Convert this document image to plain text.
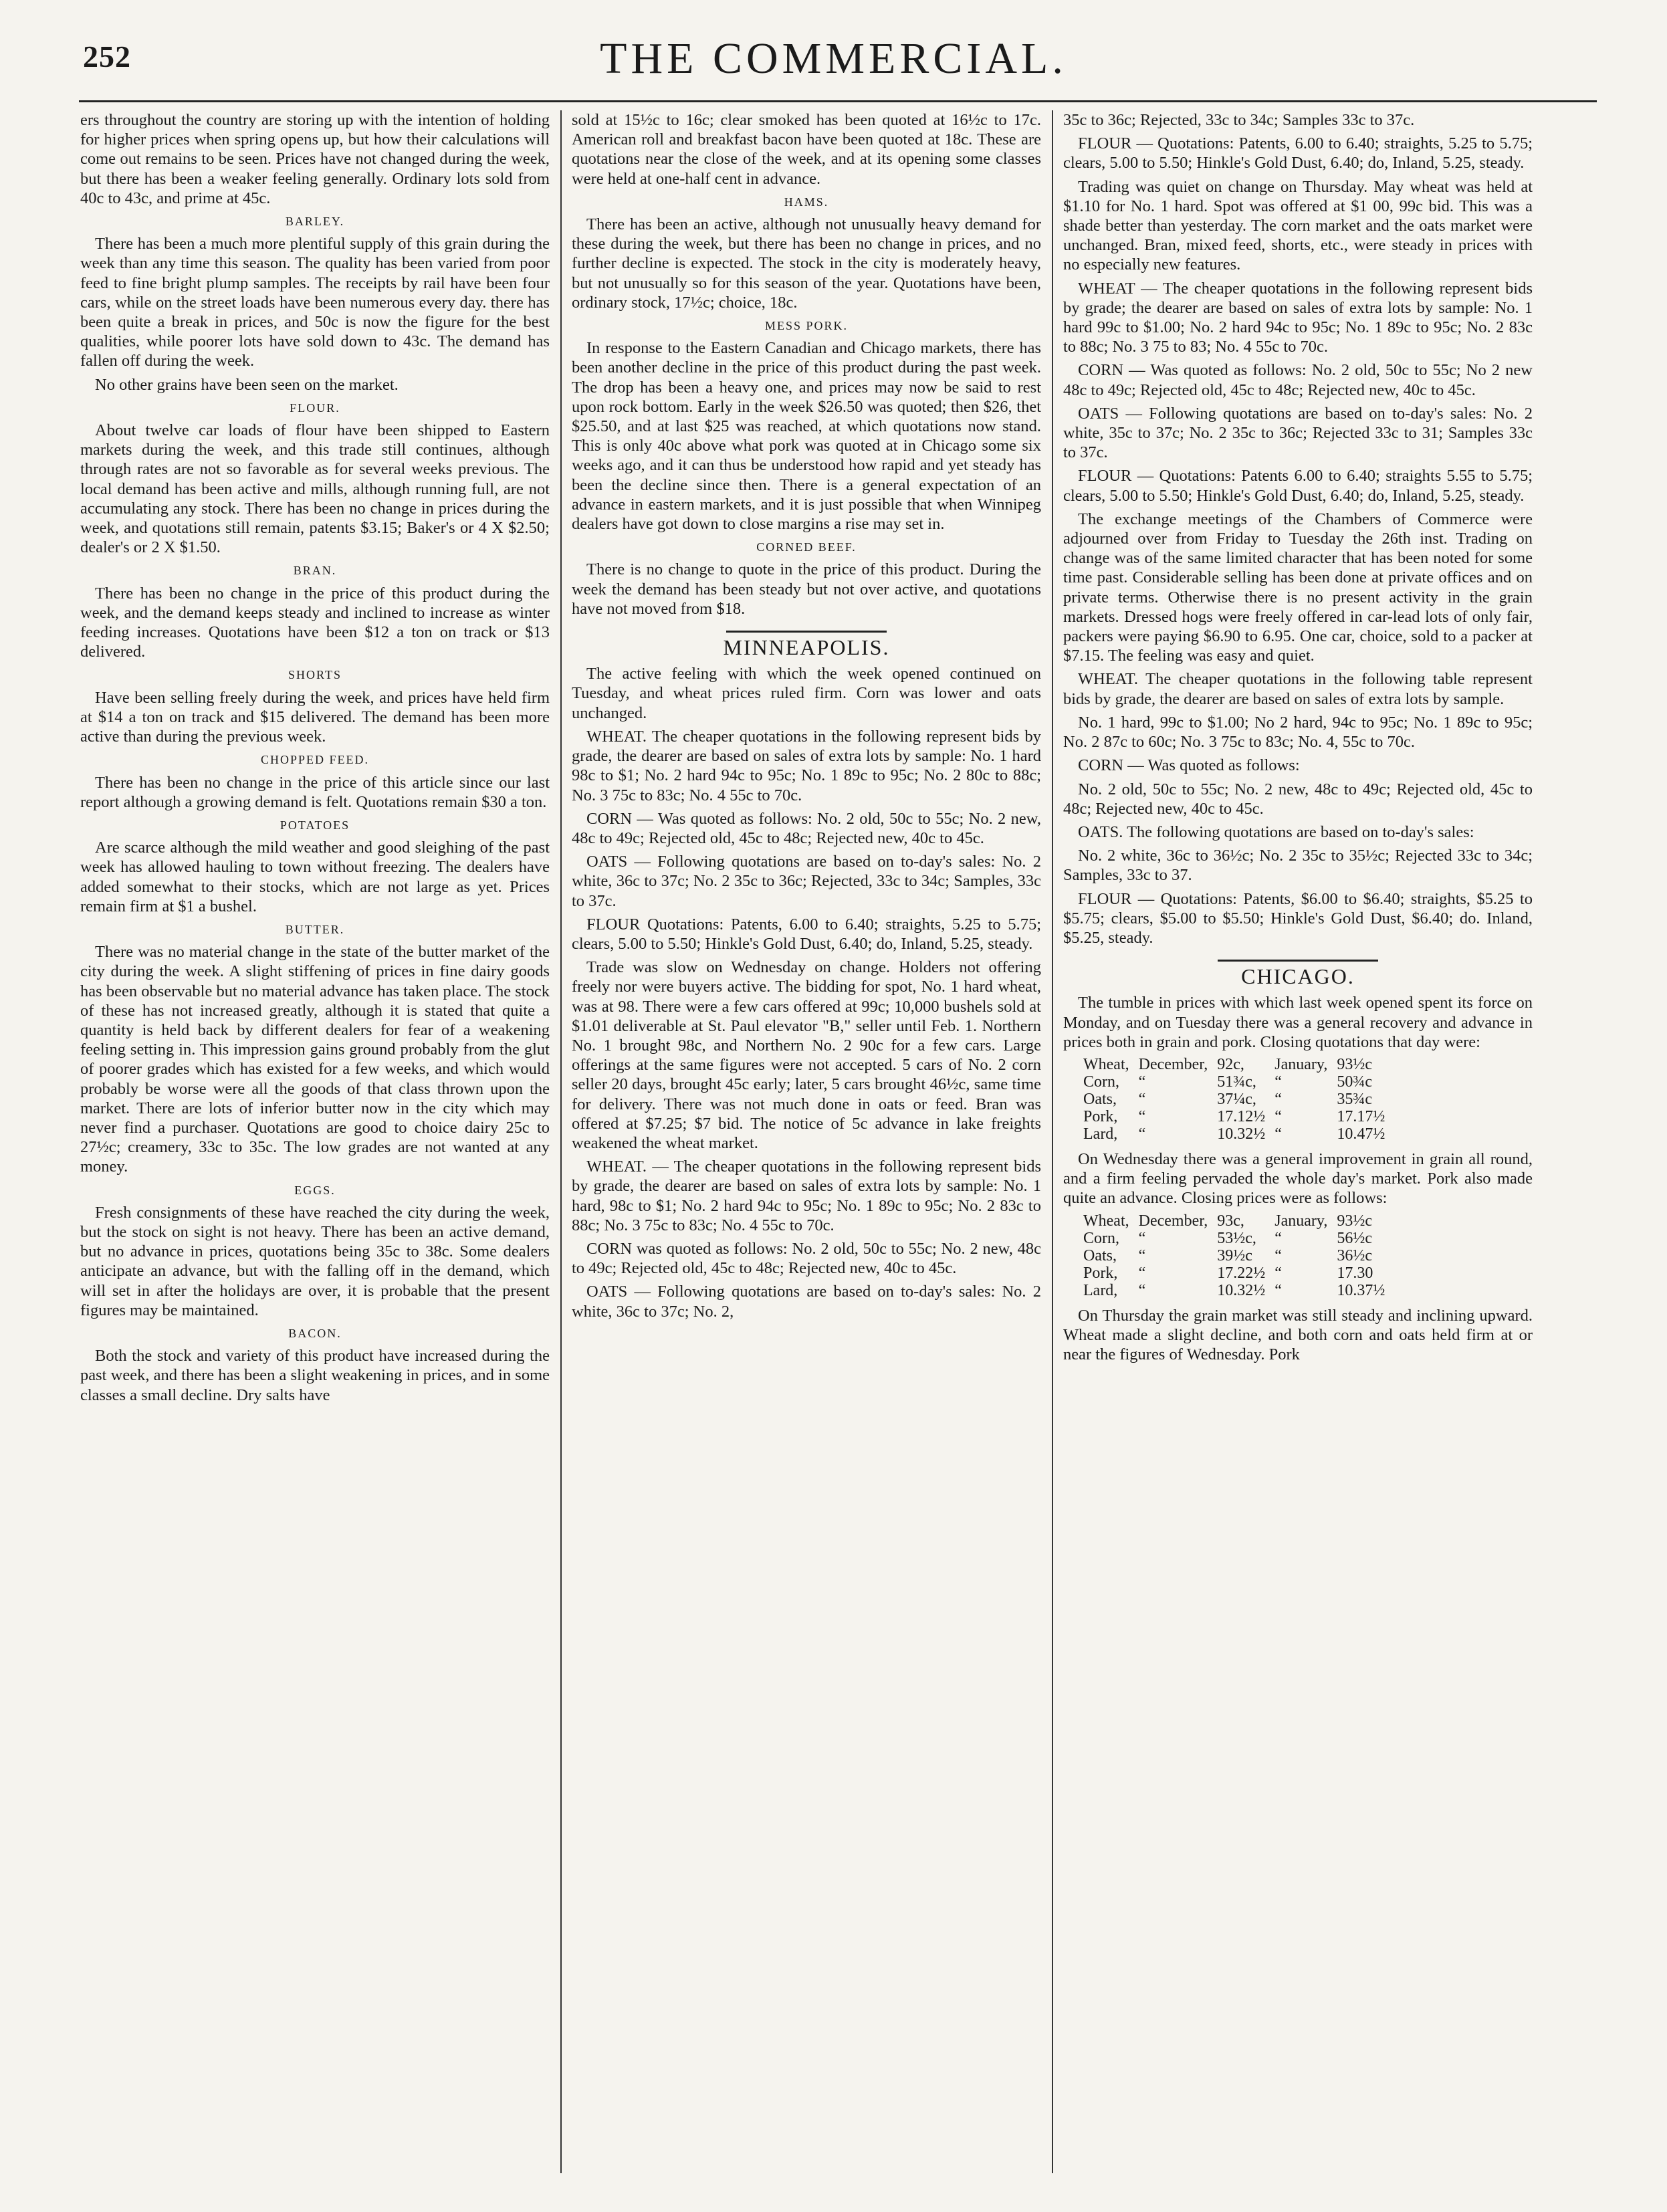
252	THE COMMERCIAL.

ers throughout the country are storing up with the intention of holding for higher prices when spring opens up, but how their calculations will come out remains to be seen. Prices have not changed during the week, but there has been a weaker feeling generally. Ordinary lots sold from 40c to 43c, and prime at 45c.

BARLEY.

There has been a much more plentiful supply of this grain during the week than any time this season. The quality has been varied from poor feed to fine bright plump samples. The receipts by rail have been four cars, while on the street loads have been numerous every day. there has been quite a break in prices, and 50c is now the figure for the best qualities, while poorer lots have sold down to 43c. The demand has fallen off during the week.

No other grains have been seen on the market.

FLOUR.

About twelve car loads of flour have been shipped to Eastern markets during the week, and this trade still continues, although through rates are not so favorable as for several weeks previous. The local demand has been active and mills, although running full, are not accumulating any stock. There has been no change in prices during the week, and quotations still remain, patents $3.15; Baker's or 4 X $2.50; dealer's or 2 X $1.50.

BRAN.

There has been no change in the price of this product during the week, and the demand keeps steady and inclined to increase as winter feeding increases. Quotations have been $12 a ton on track or $13 delivered.

SHORTS

Have been selling freely during the week, and prices have held firm at $14 a ton on track and $15 delivered. The demand has been more active than during the previous week.

CHOPPED FEED.

There has been no change in the price of this article since our last report although a growing demand is felt. Quotations remain $30 a ton.

POTATOES

Are scarce although the mild weather and good sleighing of the past week has allowed hauling to town without freezing. The dealers have added somewhat to their stocks, which are not large as yet. Prices remain firm at $1 a bushel.

BUTTER.

There was no material change in the state of the butter market of the city during the week. A slight stiffening of prices in fine dairy goods has been observable but no material advance has taken place. The stock of these has not increased greatly, although it is stated that quite a quantity is held back by different dealers for fear of a weakening feeling setting in. This impression gains ground probably from the glut of poorer grades which has existed for a few weeks, and which would probably be worse were all the goods of that class thrown upon the market. There are lots of inferior butter now in the city which may never find a purchaser. Quotations are good to choice dairy 25c to 27½c; creamery, 33c to 35c. The low grades are not wanted at any money.

EGGS.

Fresh consignments of these have reached the city during the week, but the stock on sight is not heavy. There has been an active demand, but no advance in prices, quotations being 35c to 38c. Some dealers anticipate an advance, but with the falling off in the demand, which will set in after the holidays are over, it is probable that the present figures may be maintained.

BACON.

Both the stock and variety of this product have increased during the past week, and there has been a slight weakening in prices, and in some classes a small decline. Dry salts have

sold at 15½c to 16c; clear smoked has been quoted at 16½c to 17c. American roll and breakfast bacon have been quoted at 18c. These are quotations near the close of the week, and at its opening some classes were held at one-half cent in advance.

HAMS.

There has been an active, although not unusually heavy demand for these during the week, but there has been no change in prices, and no further decline is expected. The stock in the city is moderately heavy, but not unusually so for this season of the year. Quotations have been, ordinary stock, 17½c; choice, 18c.

MESS PORK.

In response to the Eastern Canadian and Chicago markets, there has been another decline in the price of this product during the past week. The drop has been a heavy one, and prices may now be said to rest upon rock bottom. Early in the week $26.50 was quoted; then $26, thet $25.50, and at last $25 was reached, at which quotations now stand. This is only 40c above what pork was quoted at in Chicago some six weeks ago, and it can thus be understood how rapid and yet steady has been the decline since then. There is a general expectation of an advance in eastern markets, and it is just possible that when Winnipeg dealers have got down to close margins a rise may set in.

CORNED BEEF.

There is no change to quote in the price of this product. During the week the demand has been steady but not over active, and quotations have not moved from $18.

MINNEAPOLIS.

The active feeling with which the week opened continued on Tuesday, and wheat prices ruled firm. Corn was lower and oats unchanged.

WHEAT. The cheaper quotations in the following represent bids by grade, the dearer are based on sales of extra lots by sample: No. 1 hard 98c to $1; No. 2 hard 94c to 95c; No. 1 89c to 95c; No. 2 80c to 88c; No. 3 75c to 83c; No. 4 55c to 70c.

CORN — Was quoted as follows: No. 2 old, 50c to 55c; No. 2 new, 48c to 49c; Rejected old, 45c to 48c; Rejected new, 40c to 45c.

OATS — Following quotations are based on to-day's sales: No. 2 white, 36c to 37c; No. 2 35c to 36c; Rejected, 33c to 34c; Samples, 33c to 37c.

FLOUR Quotations: Patents, 6.00 to 6.40; straights, 5.25 to 5.75; clears, 5.00 to 5.50; Hinkle's Gold Dust, 6.40; do, Inland, 5.25, steady.

Trade was slow on Wednesday on change. Holders not offering freely nor were buyers active. The bidding for spot, No. 1 hard wheat, was at 98. There were a few cars offered at 99c; 10,000 bushels sold at $1.01 deliverable at St. Paul elevator "B," seller until Feb. 1. Northern No. 1 brought 98c, and Northern No. 2 90c for a few cars. Large offerings at the same figures were not accepted. 5 cars of No. 2 corn seller 20 days, brought 45c early; later, 5 cars brought 46½c, same time for delivery. There was not much done in oats or feed. Bran was offered at $7.25; $7 bid. The notice of 5c advance in lake freights weakened the wheat market.

WHEAT. — The cheaper quotations in the following represent bids by grade, the dearer are based on sales of extra lots by sample: No. 1 hard, 98c to $1; No. 2 hard 94c to 95c; No. 1 89c to 95c; No. 2 83c to 88c; No. 3 75c to 83c; No. 4 55c to 70c.

CORN was quoted as follows: No. 2 old, 50c to 55c; No. 2 new, 48c to 49c; Rejected old, 45c to 48c; Rejected new, 40c to 45c.

OATS — Following quotations are based on to-day's sales: No. 2 white, 36c to 37c; No. 2,

35c to 36c; Rejected, 33c to 34c; Samples 33c to 37c.

FLOUR — Quotations: Patents, 6.00 to 6.40; straights, 5.25 to 5.75; clears, 5.00 to 5.50; Hinkle's Gold Dust, 6.40; do, Inland, 5.25, steady.

Trading was quiet on change on Thursday. May wheat was held at $1.10 for No. 1 hard. Spot was offered at $1 00, 99c bid. This was a shade better than yesterday. The corn market and the oats market were unchanged. Bran, mixed feed, shorts, etc., were steady in prices with no especially new features.

WHEAT — The cheaper quotations in the following represent bids by grade; the dearer are based on sales of extra lots by sample: No. 1 hard 99c to $1.00; No. 2 hard 94c to 95c; No. 1 89c to 95c; No. 2 83c to 88c; No. 3 75 to 83; No. 4 55c to 70c.

CORN — Was quoted as follows: No. 2 old, 50c to 55c; No 2 new 48c to 49c; Rejected old, 45c to 48c; Rejected new, 40c to 45c.

OATS — Following quotations are based on to-day's sales: No. 2 white, 35c to 37c; No. 2 35c to 36c; Rejected 33c to 31; Samples 33c to 37c.

FLOUR — Quotations: Patents 6.00 to 6.40; straights 5.55 to 5.75; clears, 5.00 to 5.50; Hinkle's Gold Dust, 6.40; do, Inland, 5.25, steady.

The exchange meetings of the Chambers of Commerce were adjourned over from Friday to Tuesday the 26th inst. Trading on change was of the same limited character that has been noted for some time past. Considerable selling has been done at private offices and on private terms. Otherwise there is no present activity in the grain markets. Dressed hogs were freely offered in car-lead lots of only fair, packers were paying $6.90 to 6.95. One car, choice, sold to a packer at $7.15. The feeling was easy and quiet.

WHEAT. The cheaper quotations in the following table represent bids by grade, the dearer are based on sales of extra lots by sample.

No. 1 hard, 99c to $1.00; No 2 hard, 94c to 95c; No. 1 89c to 95c; No. 2 87c to 60c; No. 3 75c to 83c; No. 4, 55c to 70c.

CORN — Was quoted as follows:

No. 2 old, 50c to 55c; No. 2 new, 48c to 49c; Rejected old, 45c to 48c; Rejected new, 40c to 45c.

OATS. The following quotations are based on to-day's sales:

No. 2 white, 36c to 36½c; No. 2 35c to 35½c; Rejected 33c to 34c; Samples, 33c to 37.

FLOUR — Quotations: Patents, $6.00 to $6.40; straights, $5.25 to $5.75; clears, $5.00 to $5.50; Hinkle's Gold Dust, $6.40; do. Inland, $5.25, steady.

CHICAGO.

The tumble in prices with which last week opened spent its force on Monday, and on Tuesday there was a general recovery and advance in prices both in grain and pork. Closing quotations that day were:

Wheat,	December,	92c,	January,	93½c
Corn,	“	51¾c,	“	50¾c
Oats,	“	37¼c,	“	35¾c
Pork,	“	17.12½	“	17.17½
Lard,	“	10.32½	“	10.47½

On Wednesday there was a general improvement in grain all round, and a firm feeling pervaded the whole day's market. Pork also made quite an advance. Closing prices were as follows:

Wheat,	December,	93c,	January,	93½c
Corn,	“	53½c,	“	56½c
Oats,	“	39½c	“	36½c
Pork,	“	17.22½	“	17.30
Lard,	“	10.32½	“	10.37½

On Thursday the grain market was still steady and inclining upward. Wheat made a slight decline, and both corn and oats held firm at or near the figures of Wednesday. Pork
